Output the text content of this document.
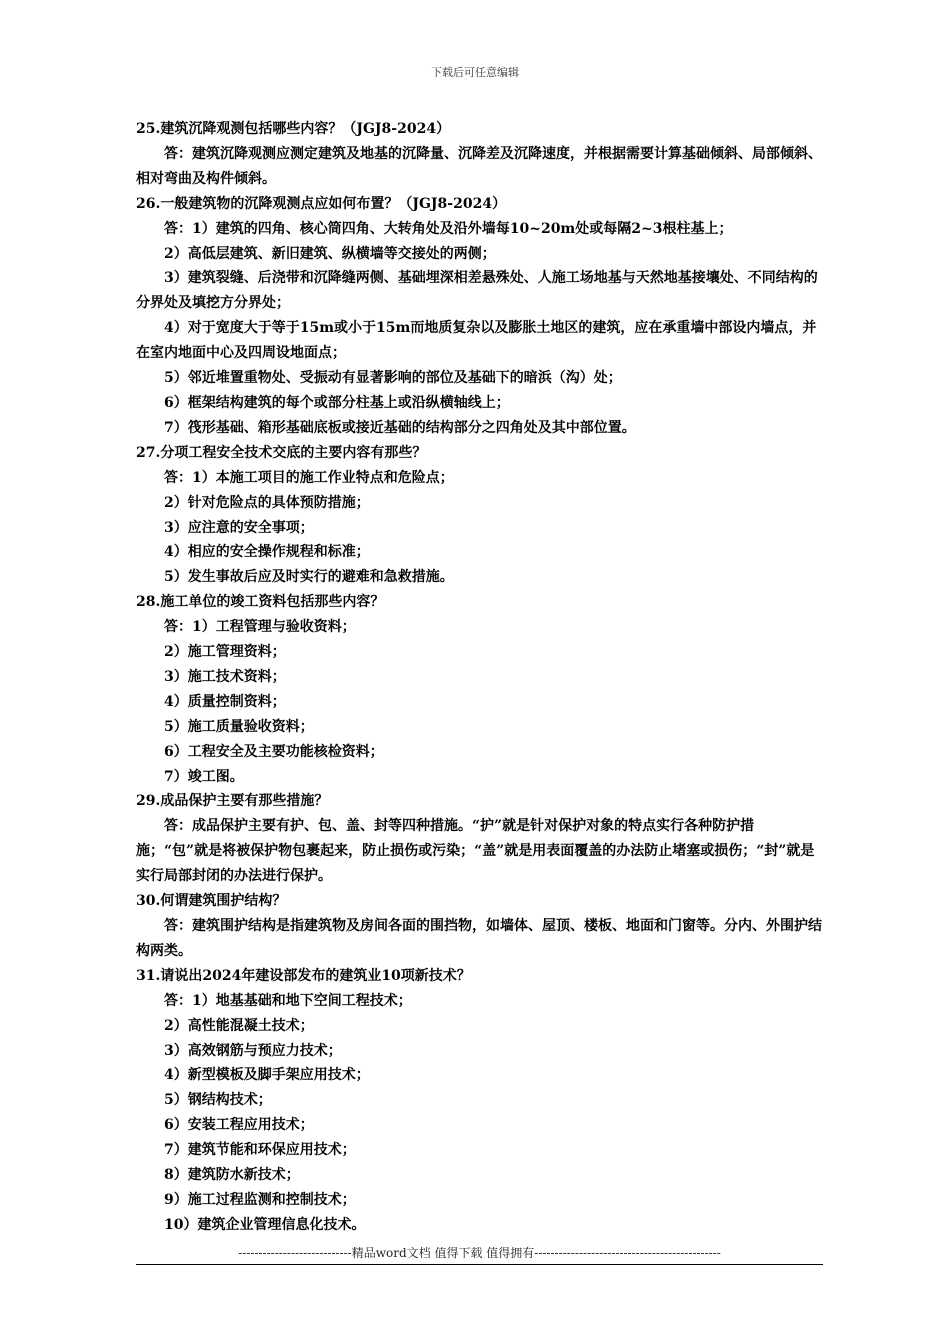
下载后可任意编辑

25.建筑沉降观测包括哪些内容？（JGJ8-2024）

答：建筑沉降观测应测定建筑及地基的沉降量、沉降差及沉降速度，并根据需要计算基础倾斜、局部倾斜、相对弯曲及构件倾斜。

26.一般建筑物的沉降观测点应如何布置？（JGJ8-2024）

答：1）建筑的四角、核心筒四角、大转角处及沿外墙每10~20m处或每隔2~3根柱基上；

2）高低层建筑、新旧建筑、纵横墙等交接处的两侧；

3）建筑裂缝、后浇带和沉降缝两侧、基础埋深相差悬殊处、人施工场地基与天然地基接壤处、不同结构的分界处及填挖方分界处；

4）对于宽度大于等于15m或小于15m而地质复杂以及膨胀土地区的建筑，应在承重墙中部设内墙点，并在室内地面中心及四周设地面点；

5）邻近堆置重物处、受振动有显著影响的部位及基础下的暗浜（沟）处；

6）框架结构建筑的每个或部分柱基上或沿纵横轴线上；

7）筏形基础、箱形基础底板或接近基础的结构部分之四角处及其中部位置。

27.分项工程安全技术交底的主要内容有那些？

答：1）本施工项目的施工作业特点和危险点；

2）针对危险点的具体预防措施；

3）应注意的安全事项；

4）相应的安全操作规程和标准；

5）发生事故后应及时实行的避难和急救措施。

28.施工单位的竣工资料包括那些内容？

答：1）工程管理与验收资料；

2）施工管理资料；

3）施工技术资料；

4）质量控制资料；

5）施工质量验收资料；

6）工程安全及主要功能核检资料；

7）竣工图。

29.成品保护主要有那些措施？

答：成品保护主要有护、包、盖、封等四种措施。“护”就是针对保护对象的特点实行各种防护措施；“包”就是将被保护物包裹起来，防止损伤或污染；“盖”就是用表面覆盖的办法防止堵塞或损伤；“封”就是实行局部封闭的办法进行保护。

30.何谓建筑围护结构？

答：建筑围护结构是指建筑物及房间各面的围挡物，如墙体、屋顶、楼板、地面和门窗等。分内、外围护结构两类。

31.请说出2024年建设部发布的建筑业10项新技术？

答：1）地基基础和地下空间工程技术；

2）高性能混凝土技术；

3）高效钢筋与预应力技术；

4）新型模板及脚手架应用技术；

5）钢结构技术；

6）安装工程应用技术；

7）建筑节能和环保应用技术；

8）建筑防水新技术；

9）施工过程监测和控制技术；

10）建筑企业管理信息化技术。

----------------------------精品word文档 值得下载 值得拥有----------------------------------------------
